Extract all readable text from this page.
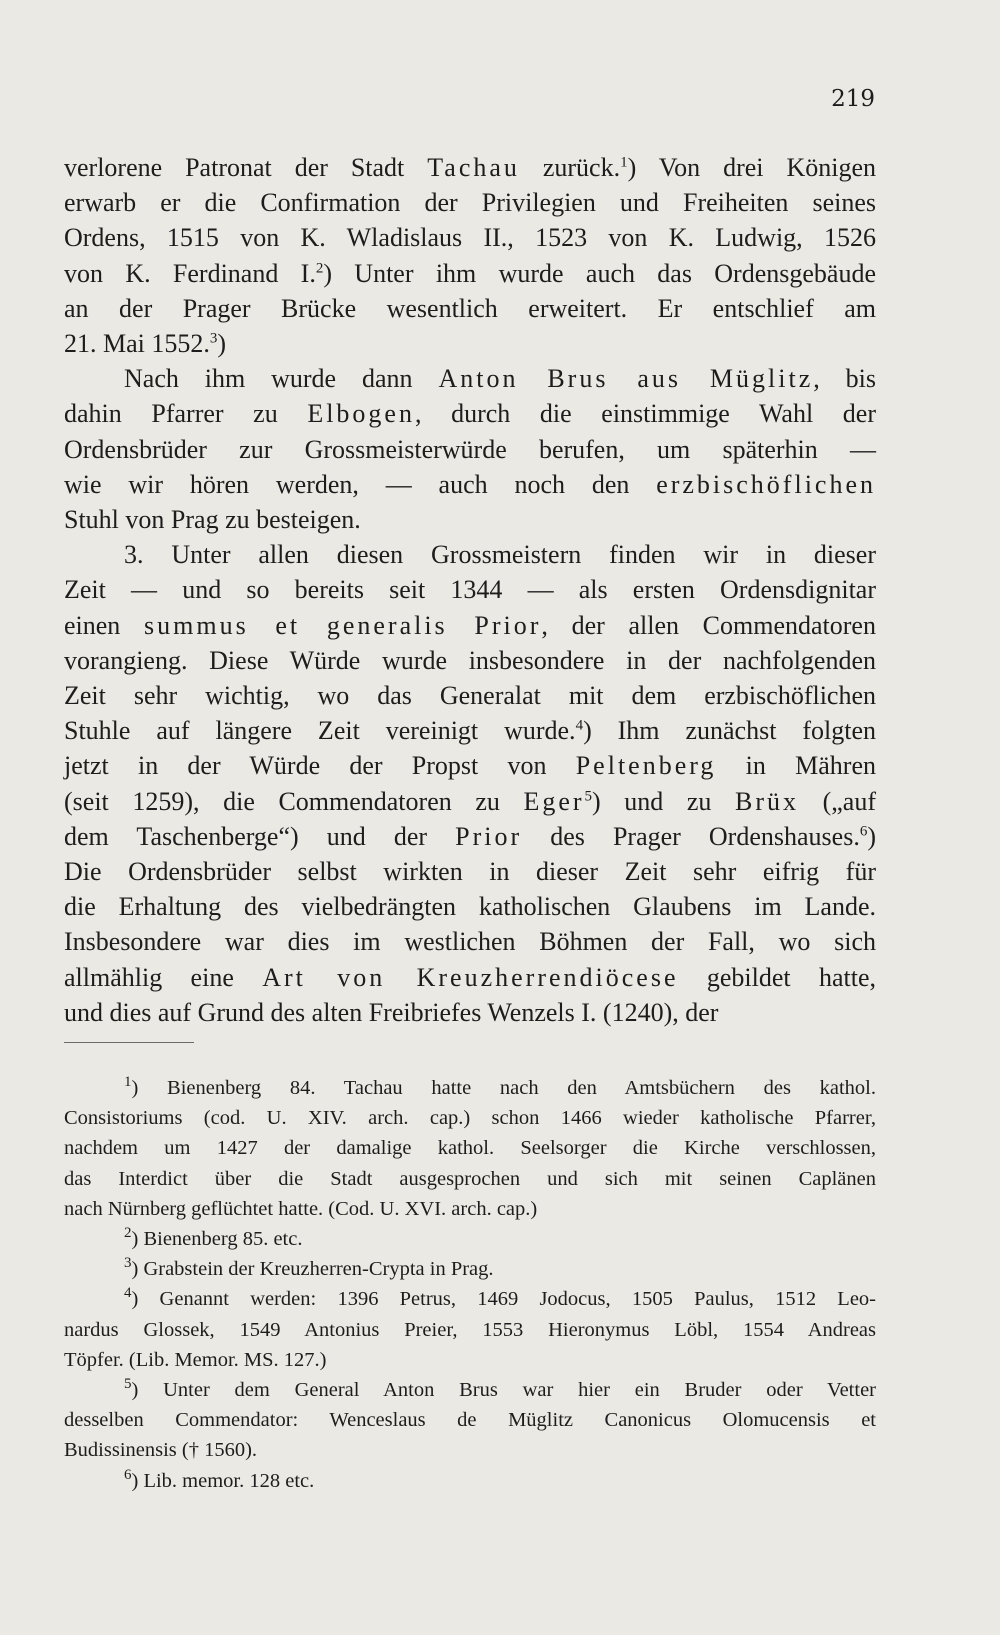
219
verlorene Patronat der Stadt Tachau zurück.$^1$) Von drei Königen
erwarb er die Confirmation der Privilegien und Freiheiten seines
Ordens, 1515 von K. Wladislaus II., 1523 von K. Ludwig, 1526
von K. Ferdinand I.$^2$) Unter ihm wurde auch das Ordensgebäude
an der Prager Brücke wesentlich erweitert. Er entschlief am
21. Mai 1552.$^3$)
Nach ihm wurde dann Anton Brus aus Müglitz, bis
dahin Pfarrer zu Elbogen, durch die einstimmige Wahl der
Ordensbrüder zur Grossmeisterwürde berufen, um späterhin —
wie wir hören werden, — auch noch den erzbischöflichen
Stuhl von Prag zu besteigen.
3. Unter allen diesen Grossmeistern finden wir in dieser
Zeit — und so bereits seit 1344 — als ersten Ordensdignitar
einen summus et generalis Prior, der allen Commendatoren
vorangieng. Diese Würde wurde insbesondere in der nachfolgenden
Zeit sehr wichtig, wo das Generalat mit dem erzbischöflichen
Stuhle auf längere Zeit vereinigt wurde.$^4$) Ihm zunächst folgten
jetzt in der Würde der Propst von Peltenberg in Mähren
(seit 1259), die Commendatoren zu Eger$^5$) und zu Brüx („auf
dem Taschenberge“) und der Prior des Prager Ordenshauses.$^6$)
Die Ordensbrüder selbst wirkten in dieser Zeit sehr eifrig für
die Erhaltung des vielbedrängten katholischen Glaubens im Lande.
Insbesondere war dies im westlichen Böhmen der Fall, wo sich
allmählig eine Art von Kreuzherrendiöcese gebildet hatte,
und dies auf Grund des alten Freibriefes Wenzels I. (1240), der
$^1$) Bienenberg 84. Tachau hatte nach den Amtsbüchern des kathol.
Consistoriums (cod. U. XIV. arch. cap.) schon 1466 wieder katholische Pfarrer,
nachdem um 1427 der damalige kathol. Seelsorger die Kirche verschlossen,
das Interdict über die Stadt ausgesprochen und sich mit seinen Caplänen
nach Nürnberg geflüchtet hatte. (Cod. U. XVI. arch. cap.)
$^2$) Bienenberg 85. etc.
$^3$) Grabstein der Kreuzherren-Crypta in Prag.
$^4$) Genannt werden: 1396 Petrus, 1469 Jodocus, 1505 Paulus, 1512 Leo-
nardus Glossek, 1549 Antonius Preier, 1553 Hieronymus Löbl, 1554 Andreas
Töpfer. (Lib. Memor. MS. 127.)
$^5$) Unter dem General Anton Brus war hier ein Bruder oder Vetter
desselben Commendator: Wenceslaus de Müglitz Canonicus Olomucensis et
Budissinensis († 1560).
$^6$) Lib. memor. 128 etc.
